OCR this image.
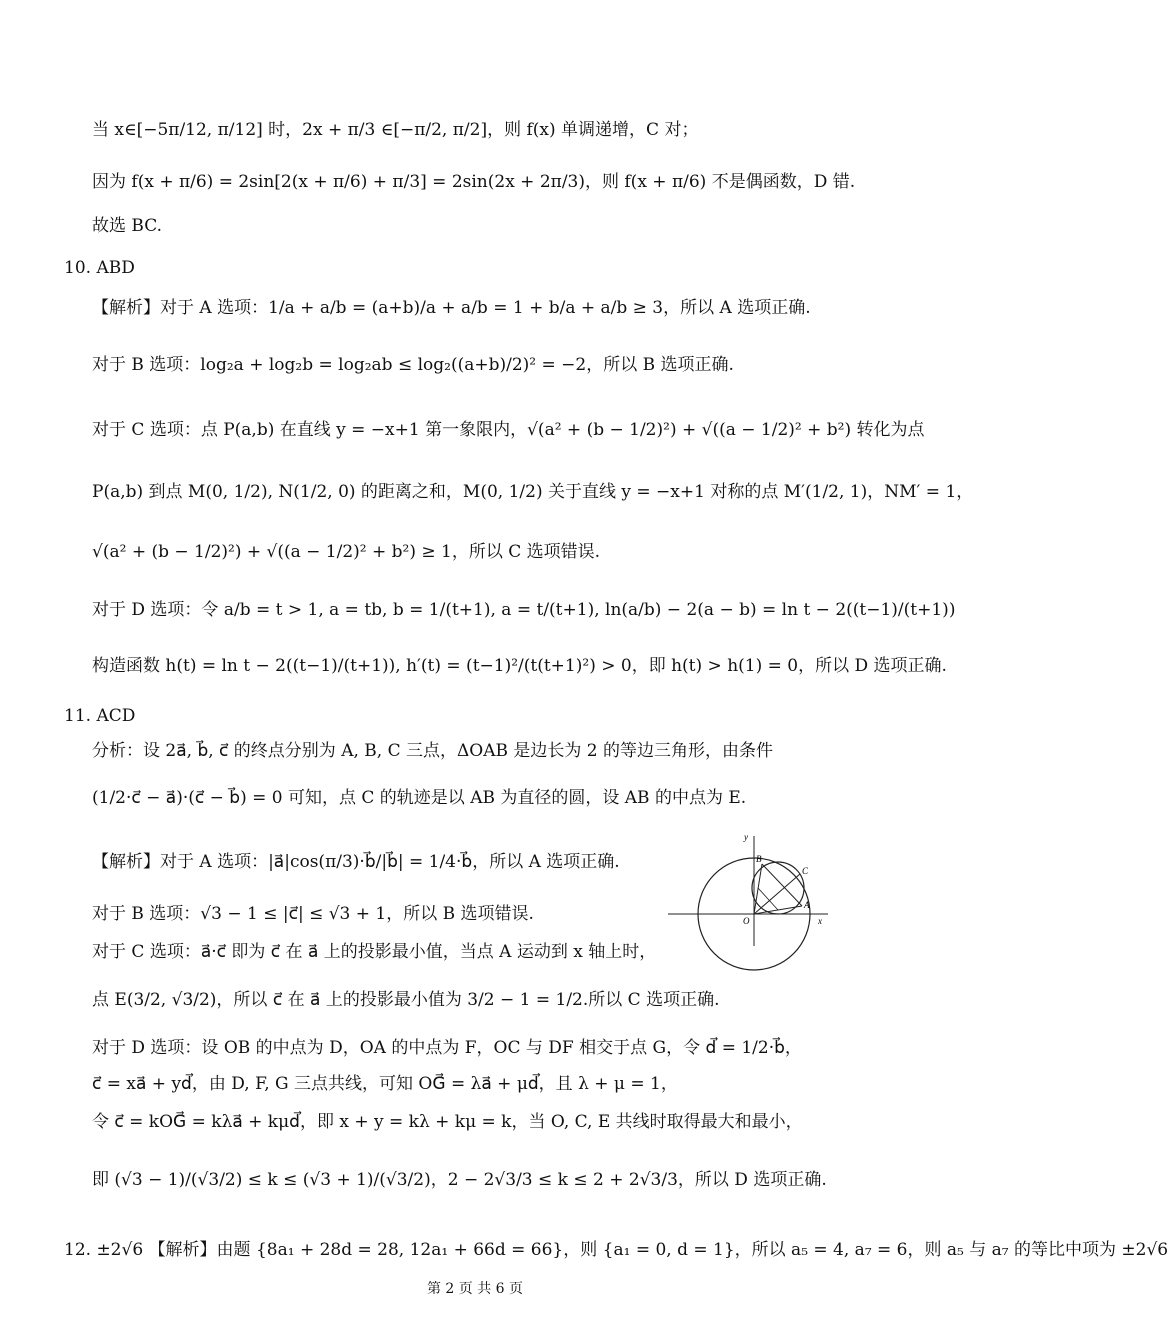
当 x∈[−5π/12, π/12] 时，2x + π/3 ∈[−π/2, π/2]，则 f(x) 单调递增，C 对；
因为 f(x + π/6) = 2sin[2(x + π/6) + π/3] = 2sin(2x + 2π/3)，则 f(x + π/6) 不是偶函数，D 错.
故选 BC.
10. ABD
【解析】对于 A 选项：1/a + a/b = (a+b)/a + a/b = 1 + b/a + a/b ≥ 3，所以 A 选项正确.
对于 B 选项：log₂a + log₂b = log₂ab ≤ log₂((a+b)/2)² = −2，所以 B 选项正确.
对于 C 选项：点 P(a,b) 在直线 y = −x+1 第一象限内，√(a² + (b − 1/2)²) + √((a − 1/2)² + b²) 转化为点
P(a,b) 到点 M(0, 1/2), N(1/2, 0) 的距离之和，M(0, 1/2) 关于直线 y = −x+1 对称的点 M′(1/2, 1)，NM′ = 1，
√(a² + (b − 1/2)²) + √((a − 1/2)² + b²) ≥ 1，所以 C 选项错误.
对于 D 选项：令 a/b = t > 1, a = tb, b = 1/(t+1), a = t/(t+1), ln(a/b) − 2(a − b) = ln t − 2((t−1)/(t+1))
构造函数 h(t) = ln t − 2((t−1)/(t+1)), h′(t) = (t−1)²/(t(t+1)²) > 0，即 h(t) > h(1) = 0，所以 D 选项正确.
11. ACD
分析：设 2a⃗, b⃗, c⃗ 的终点分别为 A, B, C 三点，ΔOAB 是边长为 2 的等边三角形，由条件
(1/2·c⃗ − a⃗)·(c⃗ − b⃗) = 0 可知，点 C 的轨迹是以 AB 为直径的圆，设 AB 的中点为 E.
【解析】对于 A 选项：|a⃗|cos(π/3)·b⃗/|b⃗| = 1/4·b⃗，所以 A 选项正确.
对于 B 选项：√3 − 1 ≤ |c⃗| ≤ √3 + 1，所以 B 选项错误.
对于 C 选项：a⃗·c⃗ 即为 c⃗ 在 a⃗ 上的投影最小值，当点 A 运动到 x 轴上时，
点 E(3/2, √3/2)，所以 c⃗ 在 a⃗ 上的投影最小值为 3/2 − 1 = 1/2.所以 C 选项正确.
对于 D 选项：设 OB 的中点为 D，OA 的中点为 F，OC 与 DF 相交于点 G，令 d⃗ = 1/2·b⃗，
c⃗ = xa⃗ + yd⃗，由 D, F, G 三点共线，可知 OG⃗ = λa⃗ + μd⃗，且 λ + μ = 1，
令 c⃗ = kOG⃗ = kλa⃗ + kμd⃗，即 x + y = kλ + kμ = k，当 O, C, E 共线时取得最大和最小，
即 (√3 − 1)/(√3/2) ≤ k ≤ (√3 + 1)/(√3/2)，2 − 2√3/3 ≤ k ≤ 2 + 2√3/3，所以 D 选项正确.
12. ±2√6 【解析】由题 {8a₁ + 28d = 28, 12a₁ + 66d = 66}，则 {a₁ = 0, d = 1}，所以 a₅ = 4, a₇ = 6，则 a₅ 与 a₇ 的等比中项为 ±2√6
y
x
O
A
B
C
第 2 页 共 6 页
